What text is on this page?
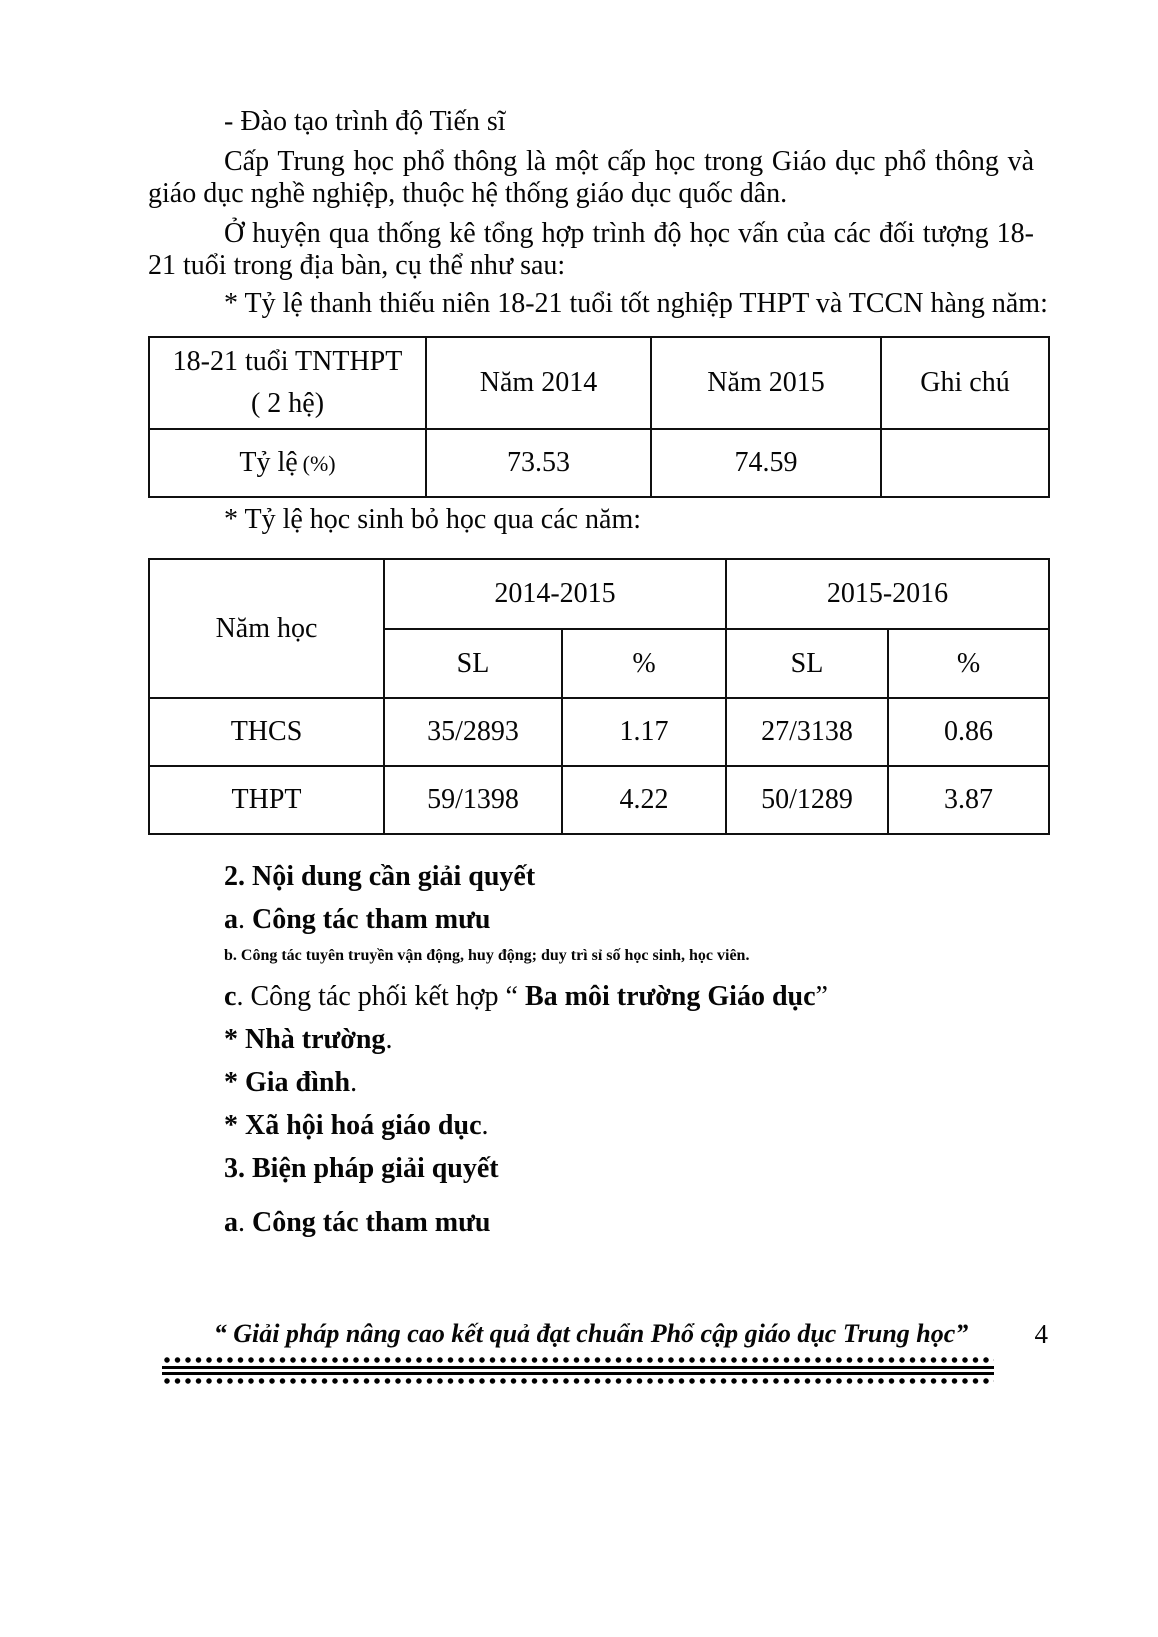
- Đào tạo trình độ Tiến sĩ

Cấp Trung học phổ thông là một cấp học trong Giáo dục phổ thông và giáo dục nghề nghiệp, thuộc hệ thống giáo dục quốc dân.

Ở huyện qua thống kê tổng hợp trình độ học vấn của các đối tượng 18-21 tuổi trong địa bàn, cụ thể như sau:

* Tỷ lệ thanh thiếu niên 18-21 tuổi tốt nghiệp THPT và TCCN hàng năm:

18-21 tuổi TNTHPT
( 2 hệ)	Năm 2014	Năm 2015	Ghi chú
Tỷ lệ (%)	73.53	74.59	

* Tỷ lệ học sinh bỏ học qua các năm:

Năm học	2014-2015		2015-2016	
	SL	%	SL	%
THCS	35/2893	1.17	27/3138	0.86
THPT	59/1398	4.22	50/1289	3.87

2. Nội dung cần giải quyết

a. Công tác tham mưu

b. Công tác tuyên truyền vận động, huy động; duy trì sỉ số học sinh, học viên.

c. Công tác phối kết hợp “ Ba môi trường Giáo dục”

* Nhà trường.

* Gia đình.

* Xã hội hoá giáo dục.

3. Biện pháp giải quyết

a. Công tác tham mưu

“ Giải pháp nâng cao kết quả đạt chuẩn Phổ cập giáo dục Trung học” 4
